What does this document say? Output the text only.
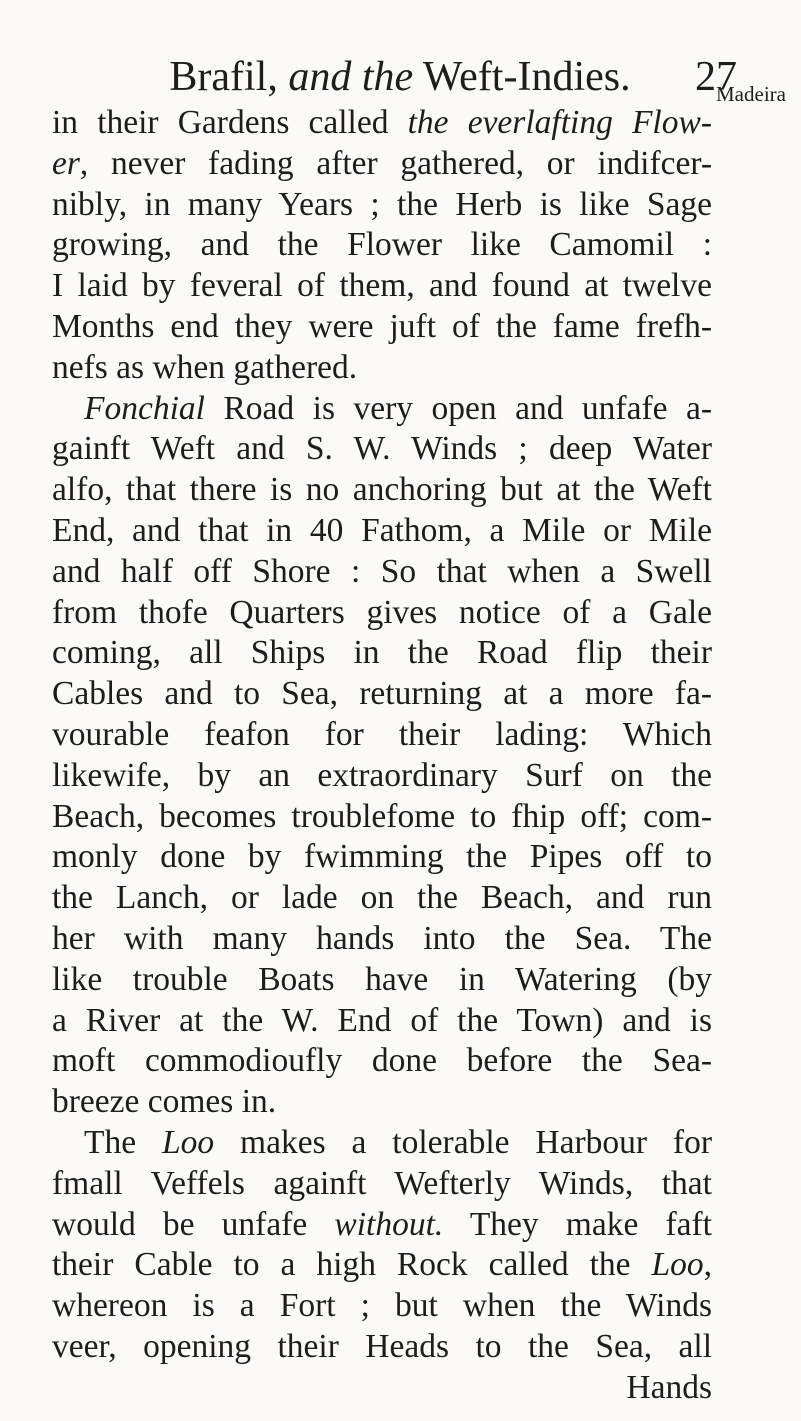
Brafil, and the Weft-Indies.	27
Madeira
in their Gardens called the everlafting Flow-
er, never fading after gathered, or indifcer-
nibly, in many Years ; the Herb is like Sage
growing, and the Flower like Camomil :
I laid by feveral of them, and found at twelve
Months end they were juft of the fame frefh-
nefs as when gathered.
Fonchial Road is very open and unfafe a-
gainft Weft and S. W. Winds ; deep Water
alfo, that there is no anchoring but at the Weft
End, and that in 40 Fathom, a Mile or Mile
and half off Shore : So that when a Swell
from thofe Quarters gives notice of a Gale
coming, all Ships in the Road flip their
Cables and to Sea, returning at a more fa-
vourable feafon for their lading: Which
likewife, by an extraordinary Surf on the
Beach, becomes troublefome to fhip off; com-
monly done by fwimming the Pipes off to
the Lanch, or lade on the Beach, and run
her with many hands into the Sea. The
like trouble Boats have in Watering (by
a River at the W. End of the Town) and is
moft commodioufly done before the Sea-
breeze comes in.
The Loo makes a tolerable Harbour for
fmall Veffels againft Wefterly Winds, that
would be unfafe without. They make faft
their Cable to a high Rock called the Loo,
whereon is a Fort ; but when the Winds
veer, opening their Heads to the Sea, all
Hands
